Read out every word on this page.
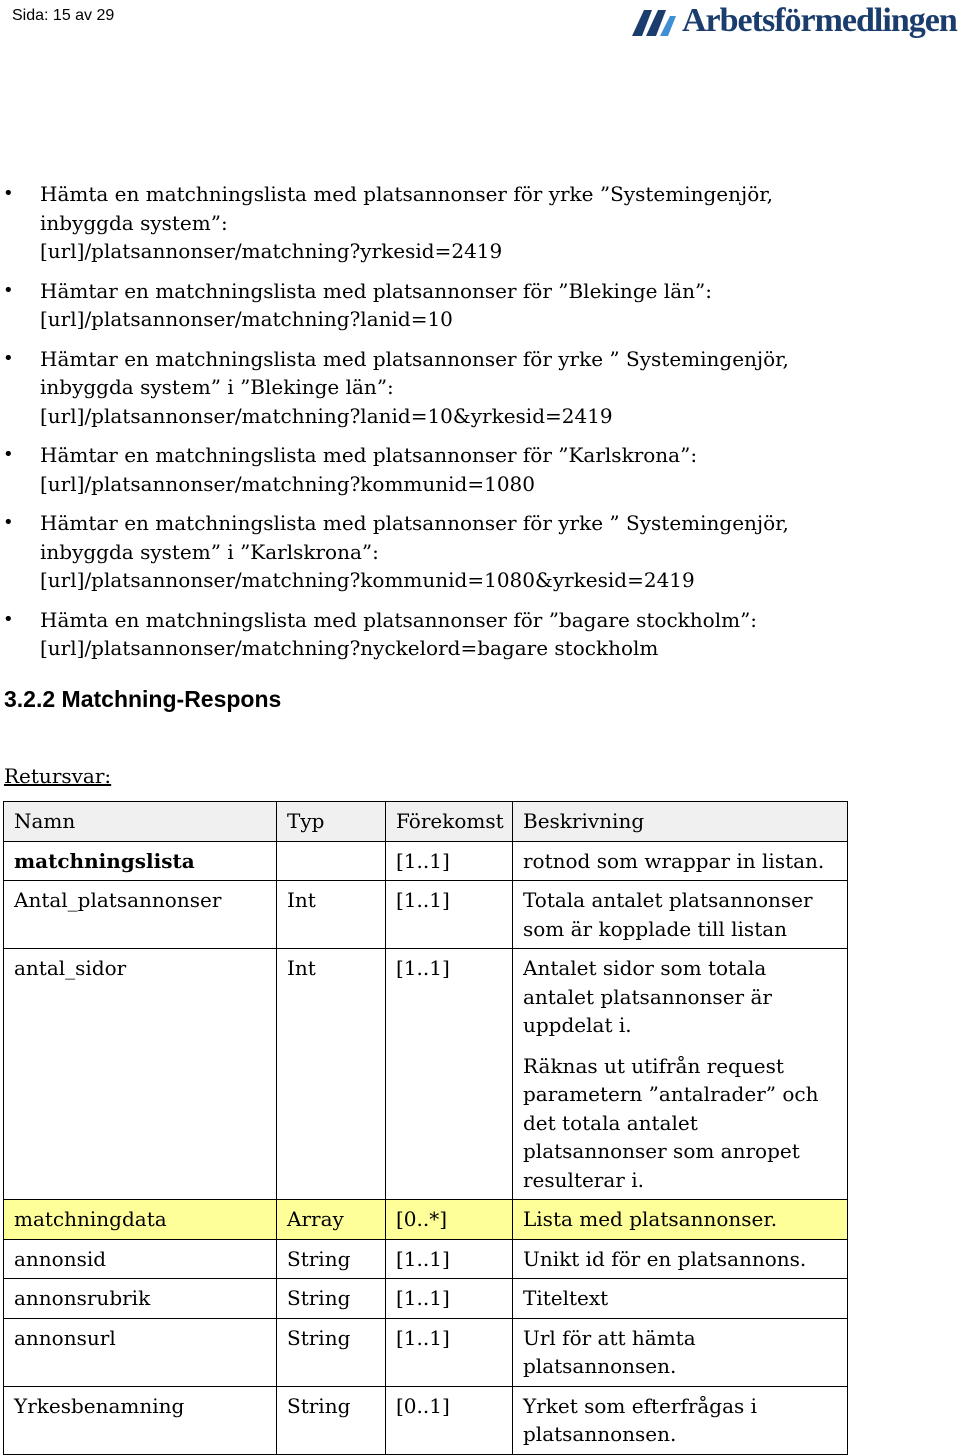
Sida: 15 av 29	Arbetsförmedlingen
• Hämta en matchningslista med platsannonser för yrke ”Systemingenjör,
inbyggda system”:
[url]/platsannonser/matchning?yrkesid=2419
• Hämtar en matchningslista med platsannonser för ”Blekinge län”:
[url]/platsannonser/matchning?lanid=10
• Hämtar en matchningslista med platsannonser för yrke ” Systemingenjör,
inbyggda system” i ”Blekinge län”:
[url]/platsannonser/matchning?lanid=10&yrkesid=2419
• Hämtar en matchningslista med platsannonser för ”Karlskrona”:
[url]/platsannonser/matchning?kommunid=1080
• Hämtar en matchningslista med platsannonser för yrke ” Systemingenjör,
inbyggda system” i ”Karlskrona”:
[url]/platsannonser/matchning?kommunid=1080&yrkesid=2419
• Hämta en matchningslista med platsannonser för ”bagare stockholm”:
[url]/platsannonser/matchning?nyckelord=bagare stockholm
3.2.2 Matchning-Respons
Retursvar:
Namn	Typ	Förekomst	Beskrivning
matchningslista		[1..1]	rotnod som wrappar in listan.

Antal_platsannonser	Int	[1..1]	Totala antalet platsannonser som är kopplade till listan

antal_sidor	Int	[1..1]	Antalet sidor som totala antalet platsannonser är uppdelat i.
Räknas ut utifrån request parametern ”antalrader” och det totala antalet platsannonser som anropet resulterar i.

matchningdata	Array	[0..*]	Lista med platsannonser.

annonsid	String	[1..1]	Unikt id för en platsannons.

annonsrubrik	String	[1..1]	Titeltext

annonsurl	String	[1..1]	Url för att hämta platsannonsen.

Yrkesbenamning	String	[0..1]	Yrket som efterfrågas i platsannonsen.
